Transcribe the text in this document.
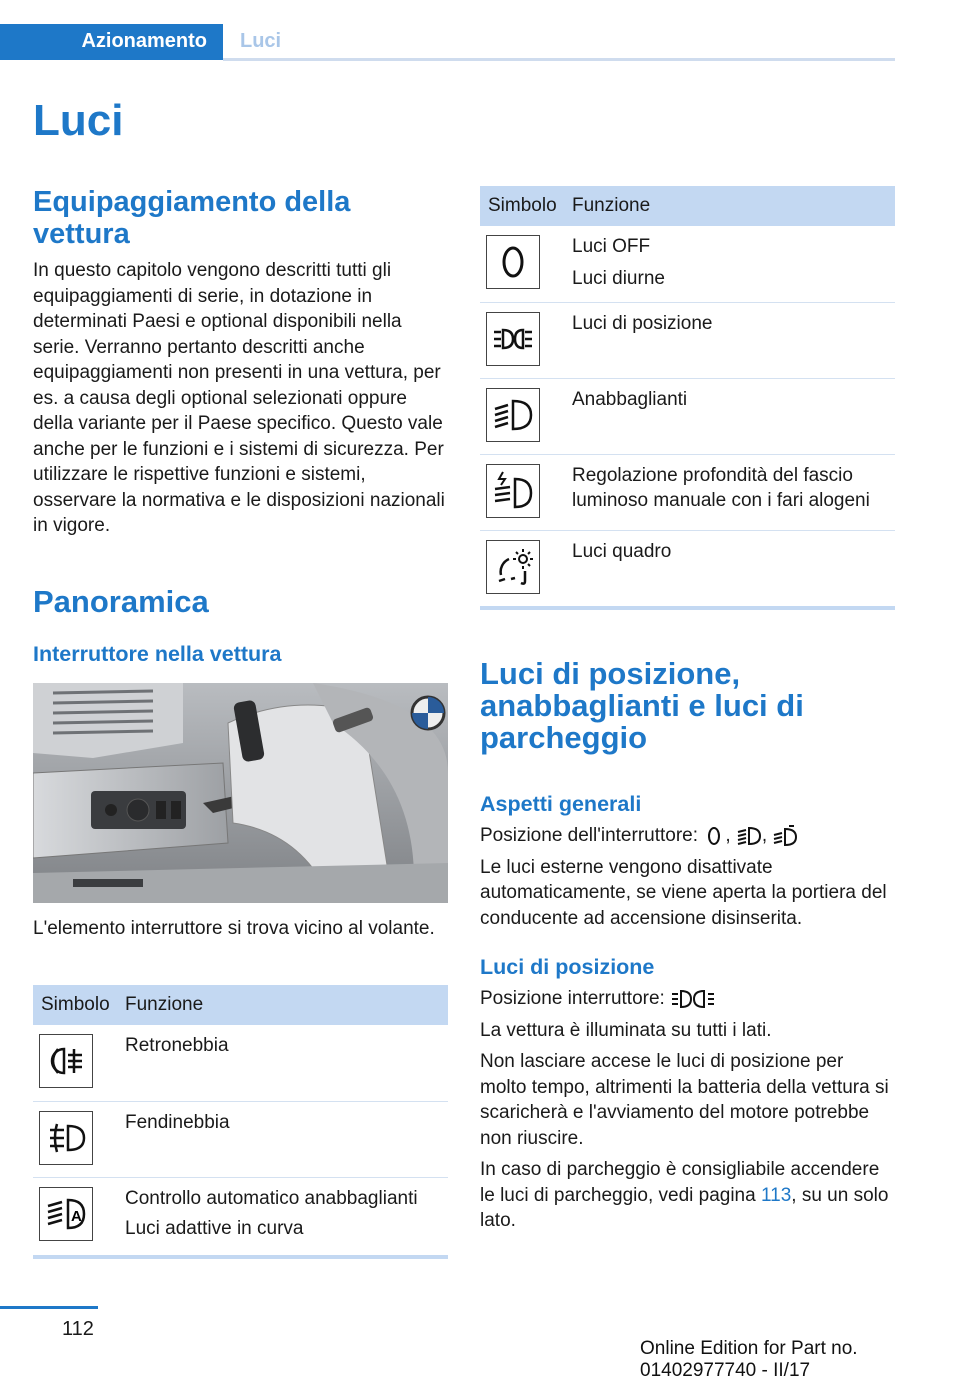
Azionamento Luci
Luci
Equipaggiamento della vettura

In questo capitolo vengono descritti tutti gli equipaggiamenti di serie, in dotazione in determinati Paesi e optional disponibili nella serie. Verranno pertanto descritti anche equipaggiamenti non presenti in una vettura, per es. a causa degli optional selezionati oppure della variante per il Paese specifico. Questo vale anche per le funzioni e i sistemi di sicurezza. Per utilizzare le rispettive funzioni e sistemi, osservare la normativa e le disposizioni nazionali in vigore.

Panoramica
Interruttore nella vettura

L'elemento interruttore si trova vicino al volante.

Simbolo	Funzione

Retronebbia

Fendinebbia

A	Controllo automatico anabbaglianti
Luci adattive in curva
Simbolo	Funzione

Luci OFF
Luci diurne

Luci di posizione

Anabbaglianti

Regolazione profondità del fascio luminoso manuale con i fari alogeni

Luci quadro
Luci di posizione, anabbaglianti e luci di parcheggio
Aspetti generali

Posizione dell'interruttore: , ,

Le luci esterne vengono disattivate automaticamente, se viene aperta la portiera del conducente ad accensione disinserita.

Luci di posizione

Posizione interruttore:

La vettura è illuminata su tutti i lati.

Non lasciare accese le luci di posizione per molto tempo, altrimenti la batteria della vettura si scaricherà e l'avviamento del motore potrebbe non riuscire.

In caso di parcheggio è consigliabile accendere le luci di parcheggio, vedi pagina 113, su un solo lato.

112
Online Edition for Part no. 01402977740 - II/17
